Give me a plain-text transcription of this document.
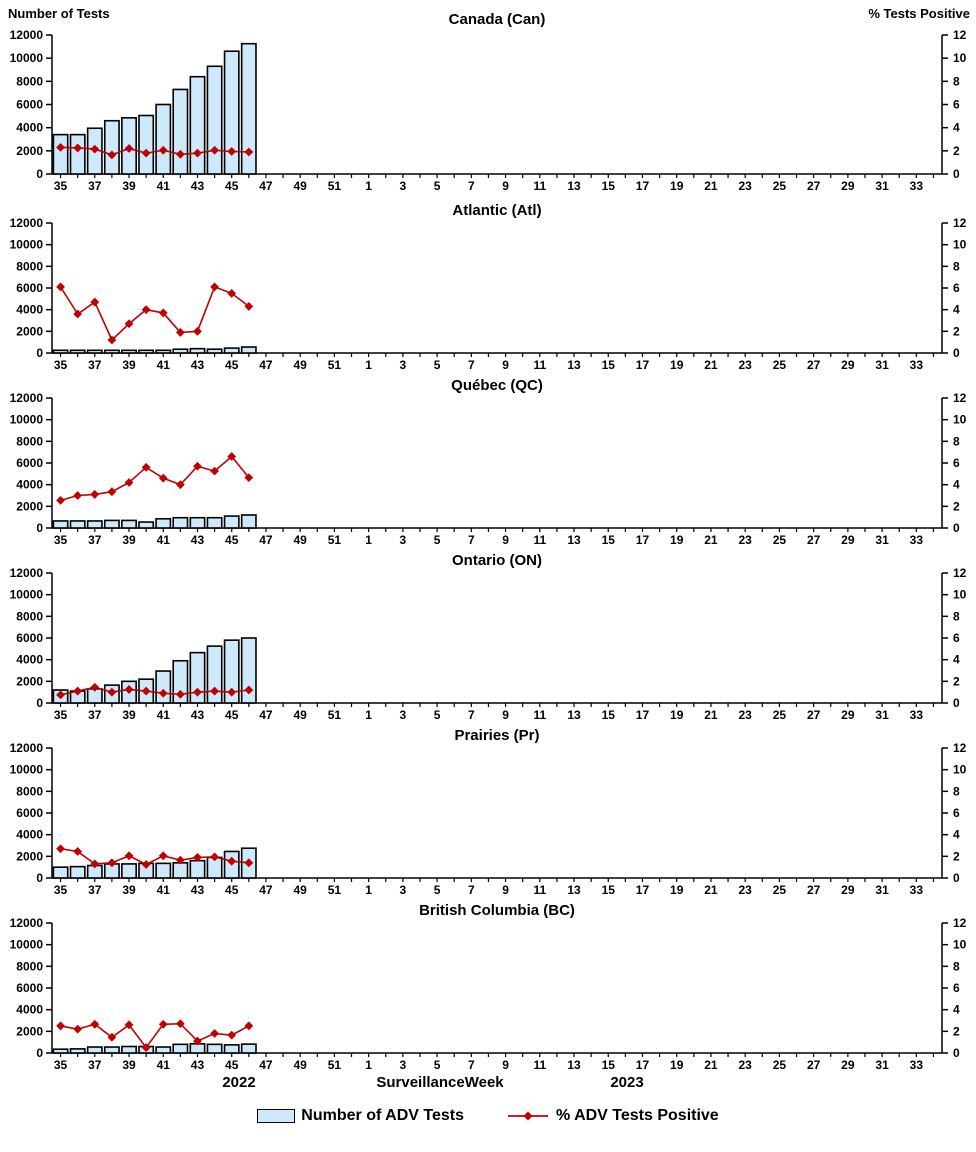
Number of Tests	% Tests Positive
Canada (Can)
0
2000
4000
6000
8000
10000
12000
0
2
4
6
8
10
12
35 37 39 41 43 45 47 49 51 1 3 5 7 9 11 13 15 17 19 21 23 25 27 29 31 33
Atlantic (Atl)
0
2000
4000
6000
8000
10000
12000
0
2
4
6
8
10
12
35 37 39 41 43 45 47 49 51 1 3 5 7 9 11 13 15 17 19 21 23 25 27 29 31 33
Québec (QC)
0
2000
4000
6000
8000
10000
12000
0
2
4
6
8
10
12
35 37 39 41 43 45 47 49 51 1 3 5 7 9 11 13 15 17 19 21 23 25 27 29 31 33
Ontario (ON)
0
2000
4000
6000
8000
10000
12000
0
2
4
6
8
10
12
35 37 39 41 43 45 47 49 51 1 3 5 7 9 11 13 15 17 19 21 23 25 27 29 31 33
Prairies (Pr)
0
2000
4000
6000
8000
10000
12000
0
2
4
6
8
10
12
35 37 39 41 43 45 47 49 51 1 3 5 7 9 11 13 15 17 19 21 23 25 27 29 31 33
British Columbia (BC)
0
2000
4000
6000
8000
10000
12000
0
2
4
6
8
10
12
35 37 39 41 43 45 47 49 51 1 3 5 7 9 11 13 15 17 19 21 23 25 27 29 31 33
2022	SurveillanceWeek	2023
Number of ADV Tests	% ADV Tests Positive
